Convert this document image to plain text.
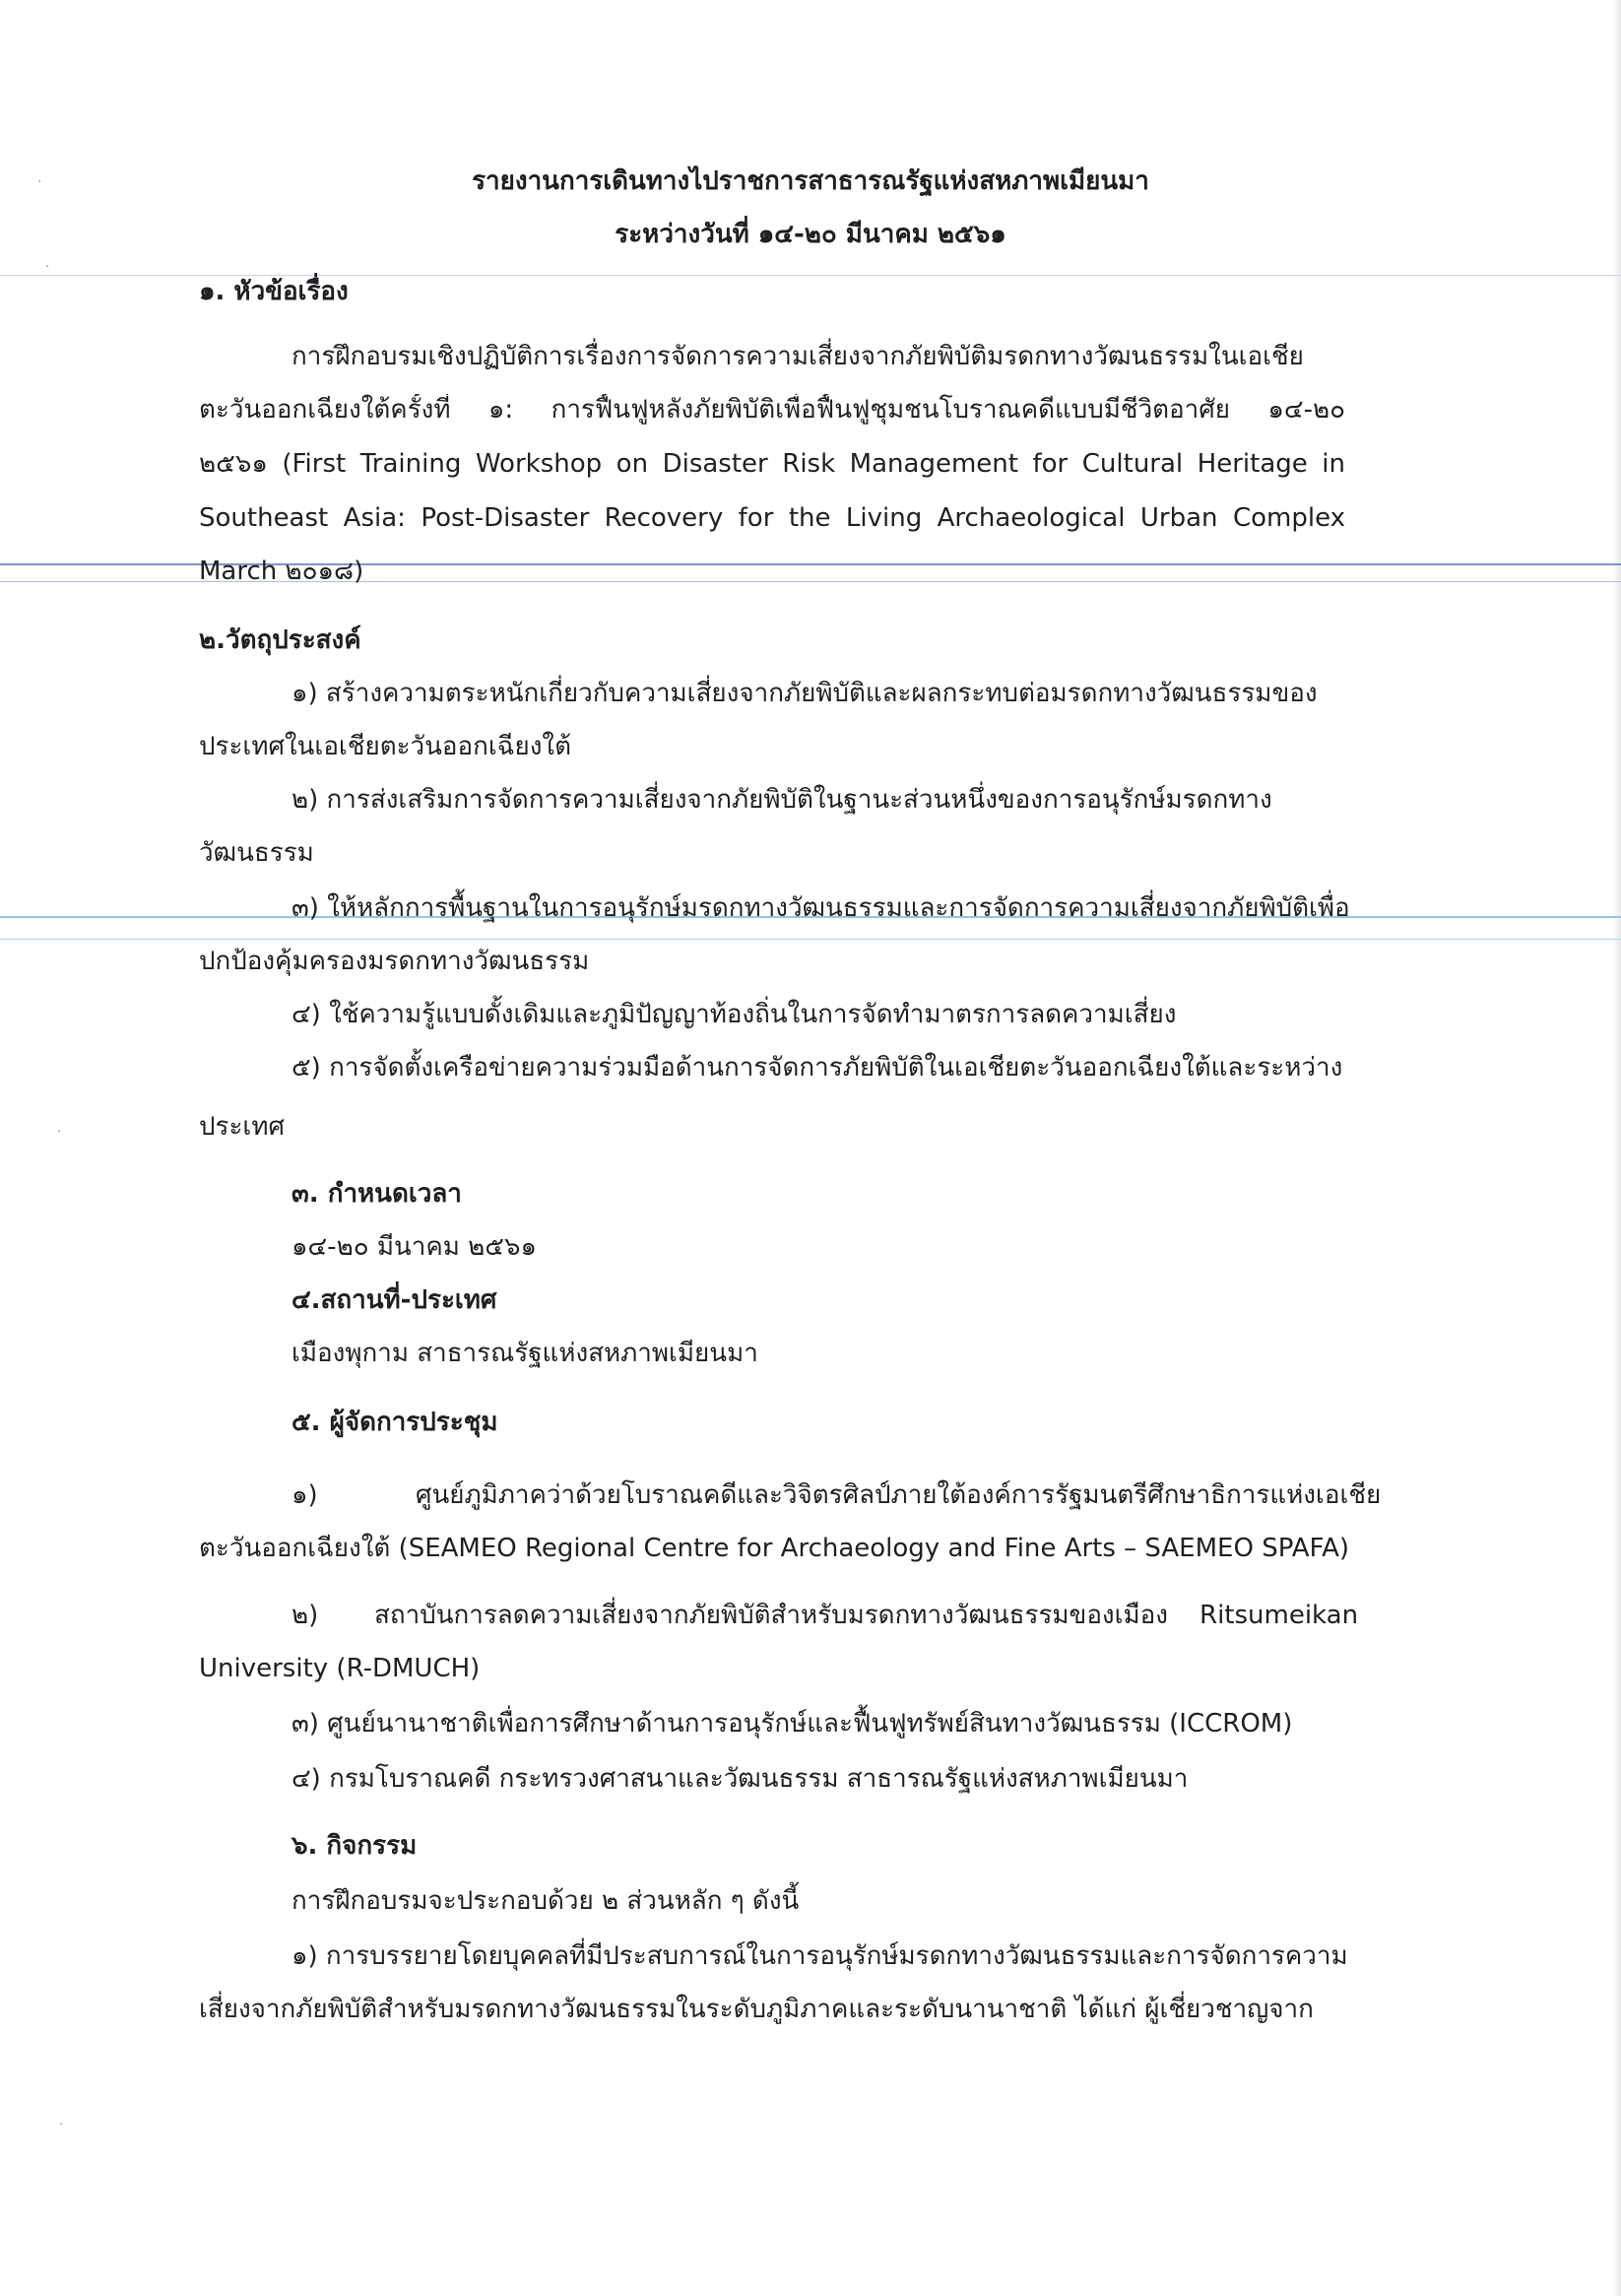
·
·
·
·
รายงานการเดินทางไปราชการสาธารณรัฐแห่งสหภาพเมียนมา
ระหว่างวันที่ ๑๔-๒๐ มีนาคม ๒๕๖๑
๑. หัวข้อเรื่อง
การฝึกอบรมเชิงปฏิบัติการเรื่องการจัดการความเสี่ยงจากภัยพิบัติมรดกทางวัฒนธรรมในเอเชีย
ตะวันออกเฉียงใต้ครั้งที่ ๑: การฟื้นฟูหลังภัยพิบัติเพื่อฟื้นฟูชุมชนโบราณคดีแบบมีชีวิตอาศัย ๑๔-๒๐
๒๕๖๑ (First Training Workshop on Disaster Risk Management for Cultural Heritage in
Southeast Asia: Post-Disaster Recovery for the Living Archaeological Urban Complex
March ๒๐๑๘)
๒.วัตถุประสงค์
๑) สร้างความตระหนักเกี่ยวกับความเสี่ยงจากภัยพิบัติและผลกระทบต่อมรดกทางวัฒนธรรมของ
ประเทศในเอเชียตะวันออกเฉียงใต้
๒) การส่งเสริมการจัดการความเสี่ยงจากภัยพิบัติในฐานะส่วนหนึ่งของการอนุรักษ์มรดกทาง
วัฒนธรรม
๓) ให้หลักการพื้นฐานในการอนุรักษ์มรดกทางวัฒนธรรมและการจัดการความเสี่ยงจากภัยพิบัติเพื่อ
ปกป้องคุ้มครองมรดกทางวัฒนธรรม
๔) ใช้ความรู้แบบดั้งเดิมและภูมิปัญญาท้องถิ่นในการจัดทำมาตรการลดความเสี่ยง
๕) การจัดตั้งเครือข่ายความร่วมมือด้านการจัดการภัยพิบัติในเอเชียตะวันออกเฉียงใต้และระหว่าง
ประเทศ
๓. กำหนดเวลา
๑๔-๒๐ มีนาคม ๒๕๖๑
๔.สถานที่-ประเทศ
เมืองพุกาม สาธารณรัฐแห่งสหภาพเมียนมา
๕. ผู้จัดการประชุม
๑)	ศูนย์ภูมิภาคว่าด้วยโบราณคดีและวิจิตรศิลป์ภายใต้องค์การรัฐมนตรีศึกษาธิการแห่งเอเชีย
ตะวันออกเฉียงใต้ (SEAMEO Regional Centre for Archaeology and Fine Arts – SAEMEO SPAFA)
๒) สถาบันการลดความเสี่ยงจากภัยพิบัติสำหรับมรดกทางวัฒนธรรมของเมือง Ritsumeikan
University (R-DMUCH)
๓) ศูนย์นานาชาติเพื่อการศึกษาด้านการอนุรักษ์และฟื้นฟูทรัพย์สินทางวัฒนธรรม (ICCROM)
๔) กรมโบราณคดี กระทรวงศาสนาและวัฒนธรรม สาธารณรัฐแห่งสหภาพเมียนมา
๖. กิจกรรม
การฝึกอบรมจะประกอบด้วย ๒ ส่วนหลัก ๆ ดังนี้
๑) การบรรยายโดยบุคคลที่มีประสบการณ์ในการอนุรักษ์มรดกทางวัฒนธรรมและการจัดการความ
เสี่ยงจากภัยพิบัติสำหรับมรดกทางวัฒนธรรมในระดับภูมิภาคและระดับนานาชาติ ได้แก่ ผู้เชี่ยวชาญจาก
